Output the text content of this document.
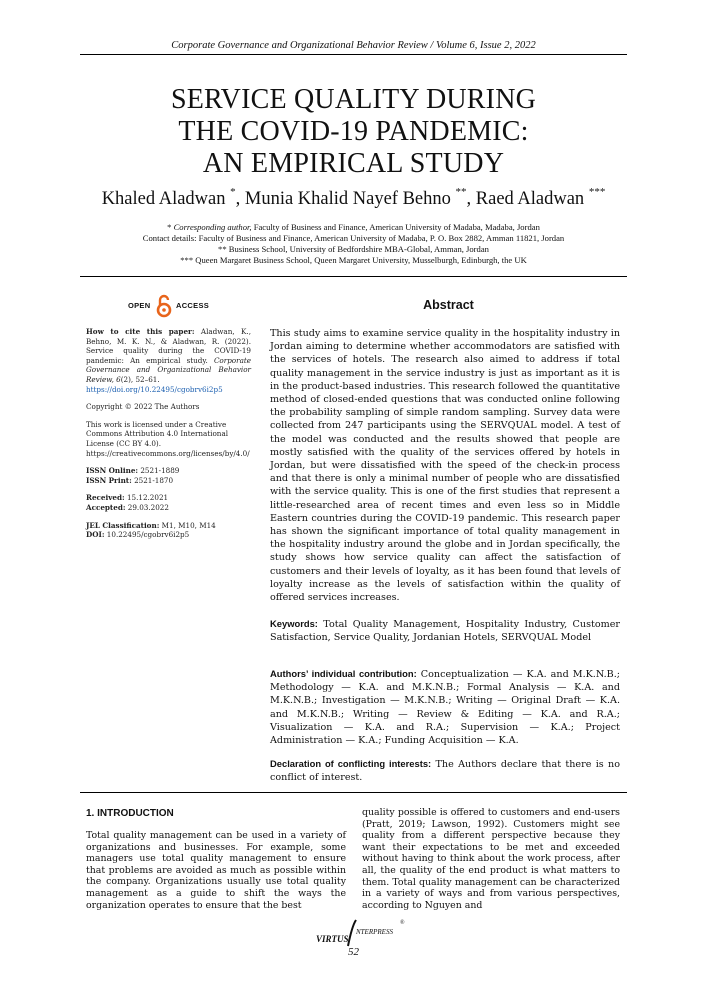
Corporate Governance and Organizational Behavior Review / Volume 6, Issue 2, 2022
SERVICE QUALITY DURING
THE COVID-19 PANDEMIC:
AN EMPIRICAL STUDY
Khaled Aladwan *, Munia Khalid Nayef Behno **, Raed Aladwan ***
* Corresponding author, Faculty of Business and Finance, American University of Madaba, Madaba, Jordan
Contact details: Faculty of Business and Finance, American University of Madaba, P. O. Box 2882, Amman 11821, Jordan
** Business School, University of Bedfordshire MBA-Global, Amman, Jordan
*** Queen Margaret Business School, Queen Margaret University, Musselburgh, Edinburgh, the UK
OPEN	ACCESS

How to cite this paper: Aladwan, K., Behno, M. K. N., & Aladwan, R. (2022). Service quality during the COVID-19 pandemic: An empirical study. Corporate Governance and Organizational Behavior Review, 6(2), 52–61.
https://doi.org/10.22495/cgobrv6i2p5

Copyright © 2022 The Authors

This work is licensed under a Creative Commons Attribution 4.0 International License (CC BY 4.0). https://creativecommons.org/licenses/by/4.0/

ISSN Online: 2521-1889
ISSN Print: 2521-1870

Received: 15.12.2021
Accepted: 29.03.2022

JEL Classification: M1, M10, M14
DOI: 10.22495/cgobrv6i2p5

Abstract
This study aims to examine service quality in the hospitality industry in Jordan aiming to determine whether accommodators are satisfied with the services of hotels. The research also aimed to address if total quality management in the service industry is just as important as it is in the product-based industries. This research followed the quantitative method of closed-ended questions that was conducted online following the probability sampling of simple random sampling. Survey data were collected from 247 participants using the SERVQUAL model. A test of the model was conducted and the results showed that people are mostly satisfied with the quality of the services offered by hotels in Jordan, but were dissatisfied with the speed of the check-in process and that there is only a minimal number of people who are dissatisfied with the service quality. This is one of the first studies that represent a little-researched area of recent times and even less so in Middle Eastern countries during the COVID-19 pandemic. This research paper has shown the significant importance of total quality management in the hospitality industry around the globe and in Jordan specifically, the study shows how service quality can affect the satisfaction of customers and their levels of loyalty, as it has been found that levels of loyalty increase as the levels of satisfaction within the quality of offered services increases.
Keywords: Total Quality Management, Hospitality Industry, Customer Satisfaction, Service Quality, Jordanian Hotels, SERVQUAL Model
Authors’ individual contribution: Conceptualization — K.A. and M.K.N.B.; Methodology — K.A. and M.K.N.B.; Formal Analysis — K.A. and M.K.N.B.; Investigation — M.K.N.B.; Writing — Original Draft — K.A. and M.K.N.B.; Writing — Review & Editing — K.A. and R.A.; Visualization — K.A. and R.A.; Supervision — K.A.; Project Administration — K.A.; Funding Acquisition — K.A.
Declaration of conflicting interests: The Authors declare that there is no conflict of interest.
1. INTRODUCTION
Total quality management can be used in a variety of organizations and businesses. For example, some managers use total quality management to ensure that problems are avoided as much as possible within the company. Organizations usually use total quality management as a guide to shift the ways the organization operates to ensure that the best
quality possible is offered to customers and end-users (Pratt, 2019; Lawson, 1992). Customers might see quality from a different perspective because they want their expectations to be met and exceeded without having to think about the work process, after all, the quality of the end product is what matters to them. Total quality management can be characterized in a variety of ways and from various perspectives, according to Nguyen and
VIRTUS
NTERPRESS
®
52
